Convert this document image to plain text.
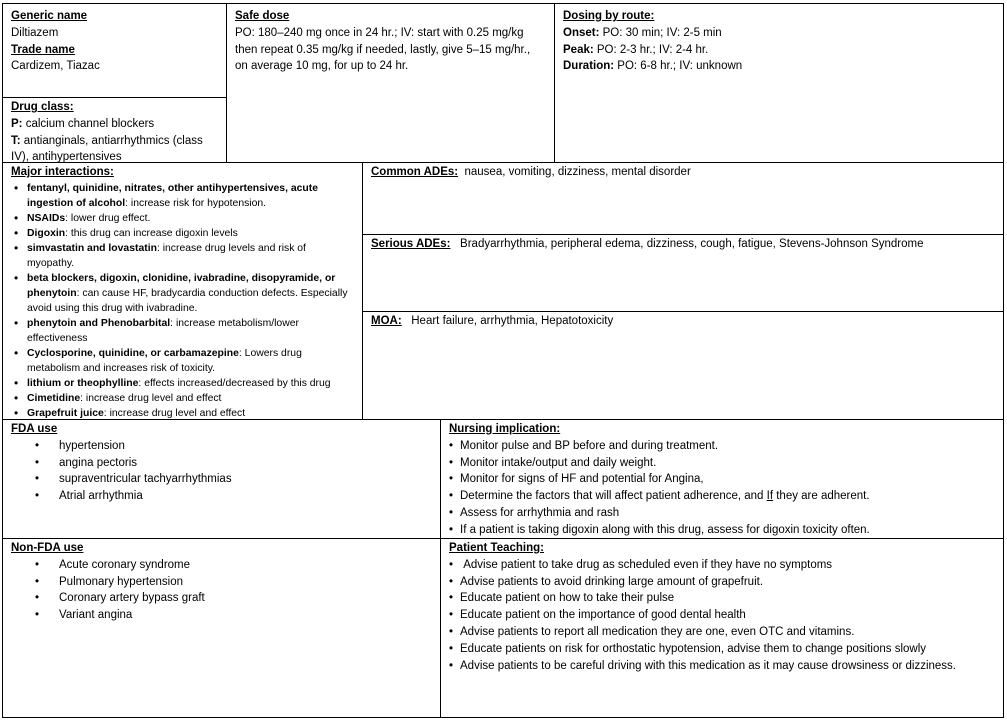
Generic name

Diltiazem

Trade name

Cardizem, Tiazac

Drug class:

P: calcium channel blockers

T: antianginals, antiarrhythmics (class IV), antihypertensives

Safe dose

PO: 180–240 mg once in 24 hr.; IV: start with 0.25 mg/kg then repeat 0.35 mg/kg if needed, lastly, give 5–15 mg/hr., on average 10 mg, for up to 24 hr.

Dosing by route:

Onset: PO: 30 min; IV: 2-5 min

Peak: PO: 2-3 hr.; IV: 2-4 hr.

Duration: PO: 6-8 hr.; IV: unknown

Major interactions:

• fentanyl, quinidine, nitrates, other antihypertensives, acute ingestion of alcohol: increase risk for hypotension.
• NSAIDs: lower drug effect.
• Digoxin: this drug can increase digoxin levels
• simvastatin and lovastatin: increase drug levels and risk of myopathy.
• beta blockers, digoxin, clonidine, ivabradine, disopyramide, or phenytoin: can cause HF, bradycardia conduction defects. Especially avoid using this drug with ivabradine.
• phenytoin and Phenobarbital: increase metabolism/lower effectiveness
• Cyclosporine, quinidine, or carbamazepine: Lowers drug metabolism and increases risk of toxicity.
• lithium or theophylline: effects increased/decreased by this drug
• Cimetidine: increase drug level and effect
• Grapefruit juice: increase drug level and effect

Common ADEs:  nausea, vomiting, dizziness, mental disorder

Serious ADEs:   Bradyarrhythmia, peripheral edema, dizziness, cough, fatigue, Stevens-Johnson Syndrome

MOA:   Heart failure, arrhythmia, Hepatotoxicity

FDA use

• hypertension
• angina pectoris
• supraventricular tachyarrhythmias
• Atrial arrhythmia

Nursing implication:

• Monitor pulse and BP before and during treatment.
• Monitor intake/output and daily weight.
• Monitor for signs of HF and potential for Angina,
• Determine the factors that will affect patient adherence, and If they are adherent.
• Assess for arrhythmia and rash
• If a patient is taking digoxin along with this drug, assess for digoxin toxicity often.

Non-FDA use

• Acute coronary syndrome
• Pulmonary hypertension
• Coronary artery bypass graft
• Variant angina

Patient Teaching:

•  Advise patient to take drug as scheduled even if they have no symptoms
• Advise patients to avoid drinking large amount of grapefruit.
• Educate patient on how to take their pulse
• Educate patient on the importance of good dental health
• Advise patients to report all medication they are one, even OTC and vitamins.
• Educate patients on risk for orthostatic hypotension, advise them to change positions slowly
• Advise patients to be careful driving with this medication as it may cause drowsiness or dizziness.
